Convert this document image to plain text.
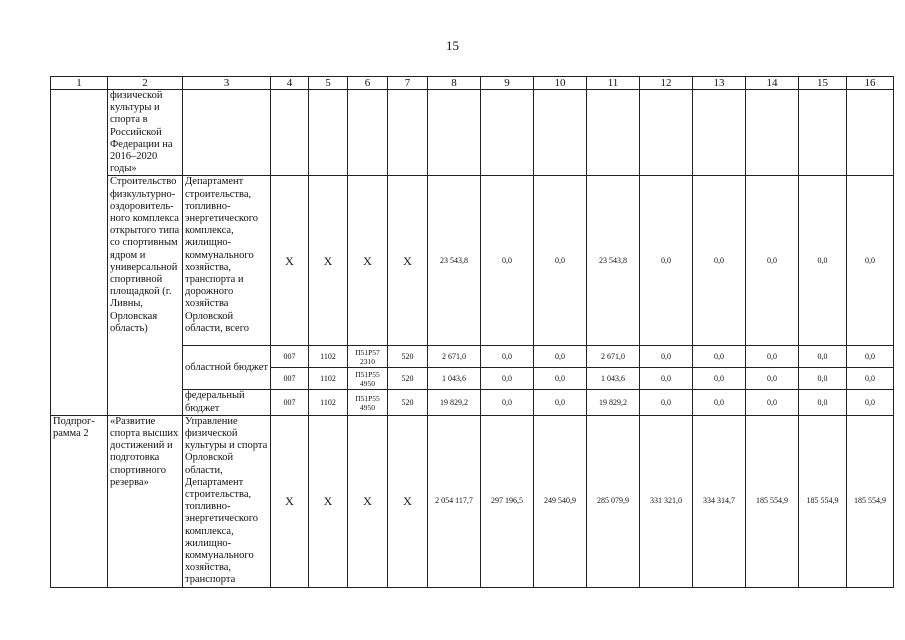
15
1	2	3	4	5	6	7	8	9	10	11	12	13	14	15	16
	физической культуры и спорта в Российской Федерации на 2016–2020 годы»														
	Строительство физкультурно-оздоровитель-ного комплекса открытого типа со спортивным ядром и универсальной спортивной площадкой (г. Ливны, Орловская область)	Департамент строительства, топливно-энергетического комплекса, жилищно-коммунального хозяйства, транспорта и дорожного хозяйства Орловской области, всего	Х	Х	Х	Х	23 543,8	0,0	0,0	23 543,8	0,0	0,0	0,0	0,0	0,0
		областной бюджет	007	1102	П51Р57 2310	520	2 671,0	0,0	0,0	2 671,0	0,0	0,0	0,0	0,0	0,0
			007	1102	П51Р55 4950	520	1 043,6	0,0	0,0	1 043,6	0,0	0,0	0,0	0,0	0,0
		федеральный бюджет	007	1102	П51Р55 4950	520	19 829,2	0,0	0,0	19 829,2	0,0	0,0	0,0	0,0	0,0
Подпрог-рамма 2	«Развитие спорта высших достижений и подготовка спортивного резерва»	Управление физической культуры и спорта Орловской области, Департамент строительства, топливно-энергетического комплекса, жилищно-коммунального хозяйства, транспорта	Х	Х	Х	Х	2 054 117,7	297 196,5	249 540,9	285 079,9	331 321,0	334 314,7	185 554,9	185 554,9	185 554,9
